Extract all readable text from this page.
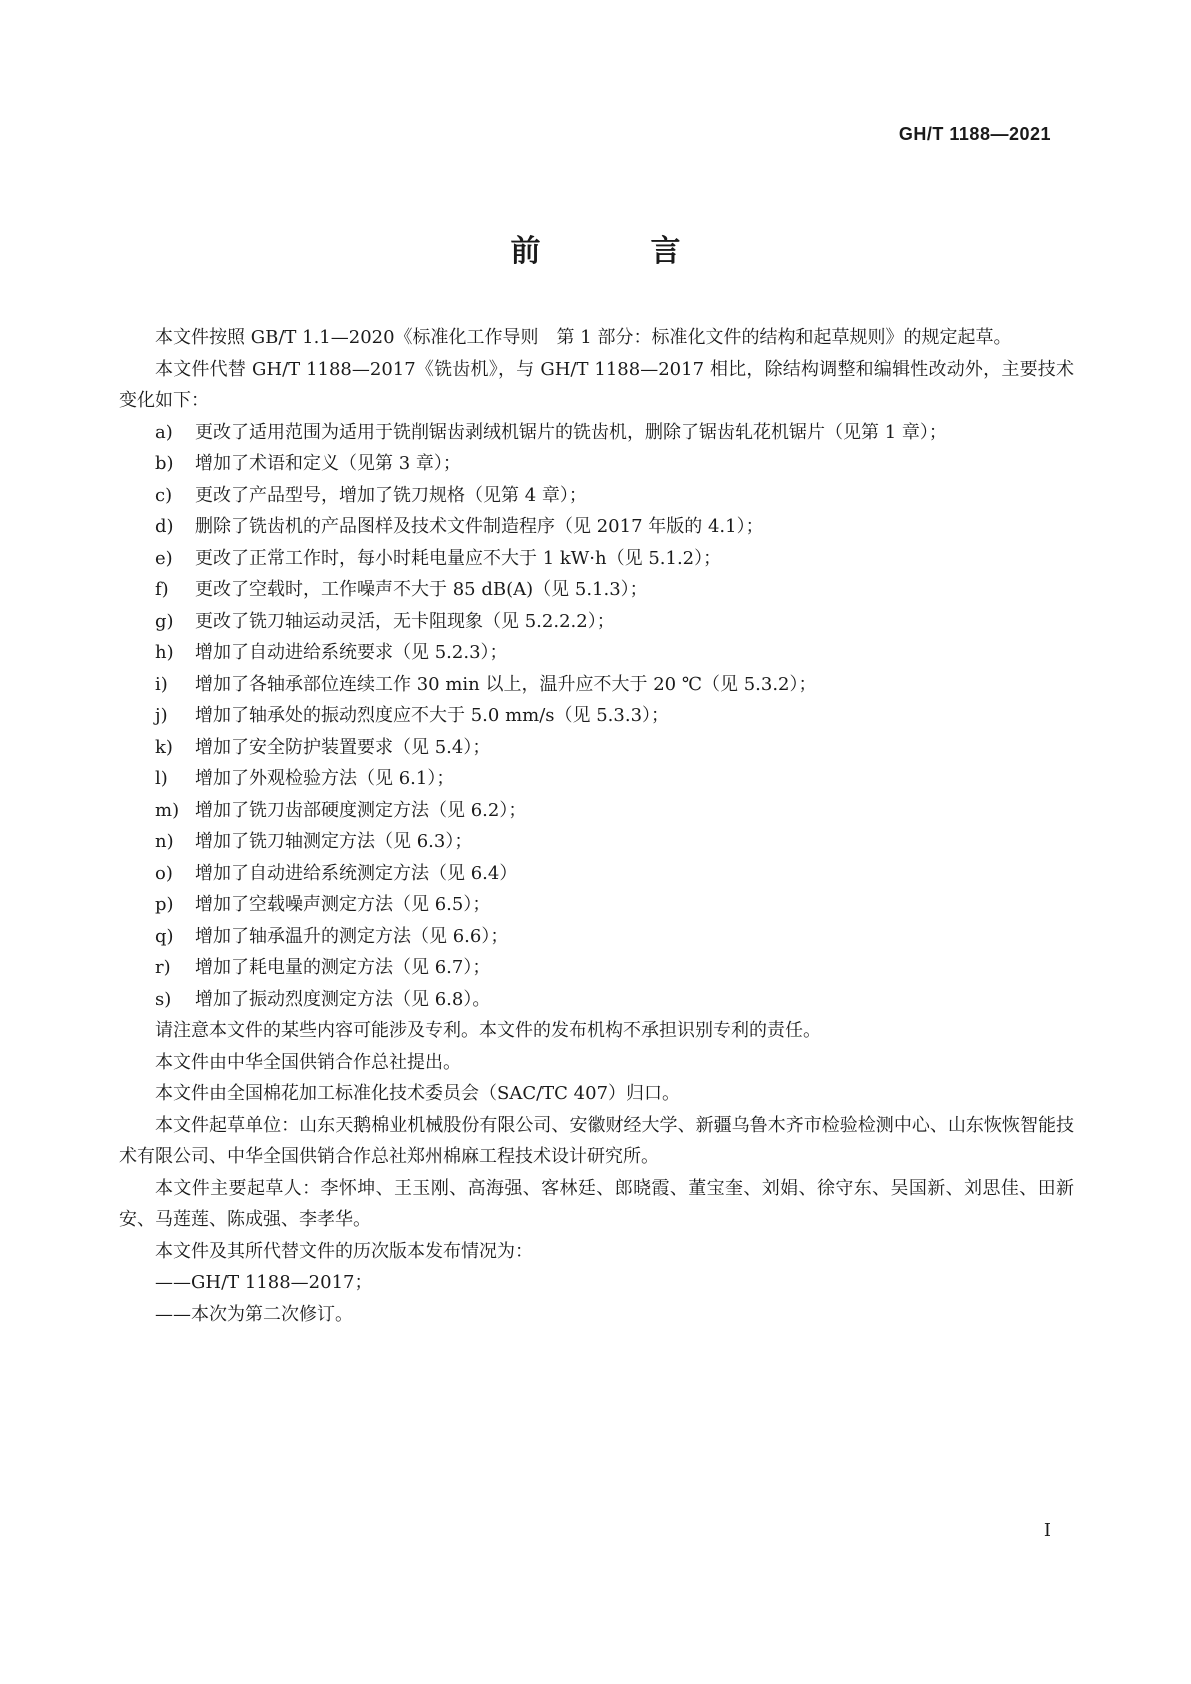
GH/T 1188—2021
前　言

本文件按照 GB/T 1.1—2020《标准化工作导则　第 1 部分：标准化文件的结构和起草规则》的规定起草。

本文件代替 GH/T 1188—2017《铣齿机》，与 GH/T 1188—2017 相比，除结构调整和编辑性改动外，主要技术变化如下：

a) 更改了适用范围为适用于铣削锯齿剥绒机锯片的铣齿机，删除了锯齿轧花机锯片（见第 1 章）；
b) 增加了术语和定义（见第 3 章）；
c) 更改了产品型号，增加了铣刀规格（见第 4 章）；
d) 删除了铣齿机的产品图样及技术文件制造程序（见 2017 年版的 4.1）；
e) 更改了正常工作时，每小时耗电量应不大于 1 kW·h（见 5.1.2）；
f) 更改了空载时，工作噪声不大于 85 dB(A)（见 5.1.3）；
g) 更改了铣刀轴运动灵活，无卡阻现象（见 5.2.2.2）；
h) 增加了自动进给系统要求（见 5.2.3）；
i) 增加了各轴承部位连续工作 30 min 以上，温升应不大于 20 ℃（见 5.3.2）；
j) 增加了轴承处的振动烈度应不大于 5.0 mm/s（见 5.3.3）；
k) 增加了安全防护装置要求（见 5.4）；
l) 增加了外观检验方法（见 6.1）；
m) 增加了铣刀齿部硬度测定方法（见 6.2）；
n) 增加了铣刀轴测定方法（见 6.3）；
o) 增加了自动进给系统测定方法（见 6.4）
p) 增加了空载噪声测定方法（见 6.5）；
q) 增加了轴承温升的测定方法（见 6.6）；
r) 增加了耗电量的测定方法（见 6.7）；
s) 增加了振动烈度测定方法（见 6.8）。

请注意本文件的某些内容可能涉及专利。本文件的发布机构不承担识别专利的责任。

本文件由中华全国供销合作总社提出。

本文件由全国棉花加工标准化技术委员会（SAC/TC 407）归口。

本文件起草单位：山东天鹅棉业机械股份有限公司、安徽财经大学、新疆乌鲁木齐市检验检测中心、山东恢恢智能技术有限公司、中华全国供销合作总社郑州棉麻工程技术设计研究所。

本文件主要起草人：李怀坤、王玉刚、高海强、客林廷、郎晓霞、董宝奎、刘娟、徐守东、吴国新、刘思佳、田新安、马莲莲、陈成强、李孝华。

本文件及其所代替文件的历次版本发布情况为：

——GH/T 1188—2017；
——本次为第二次修订。
I
